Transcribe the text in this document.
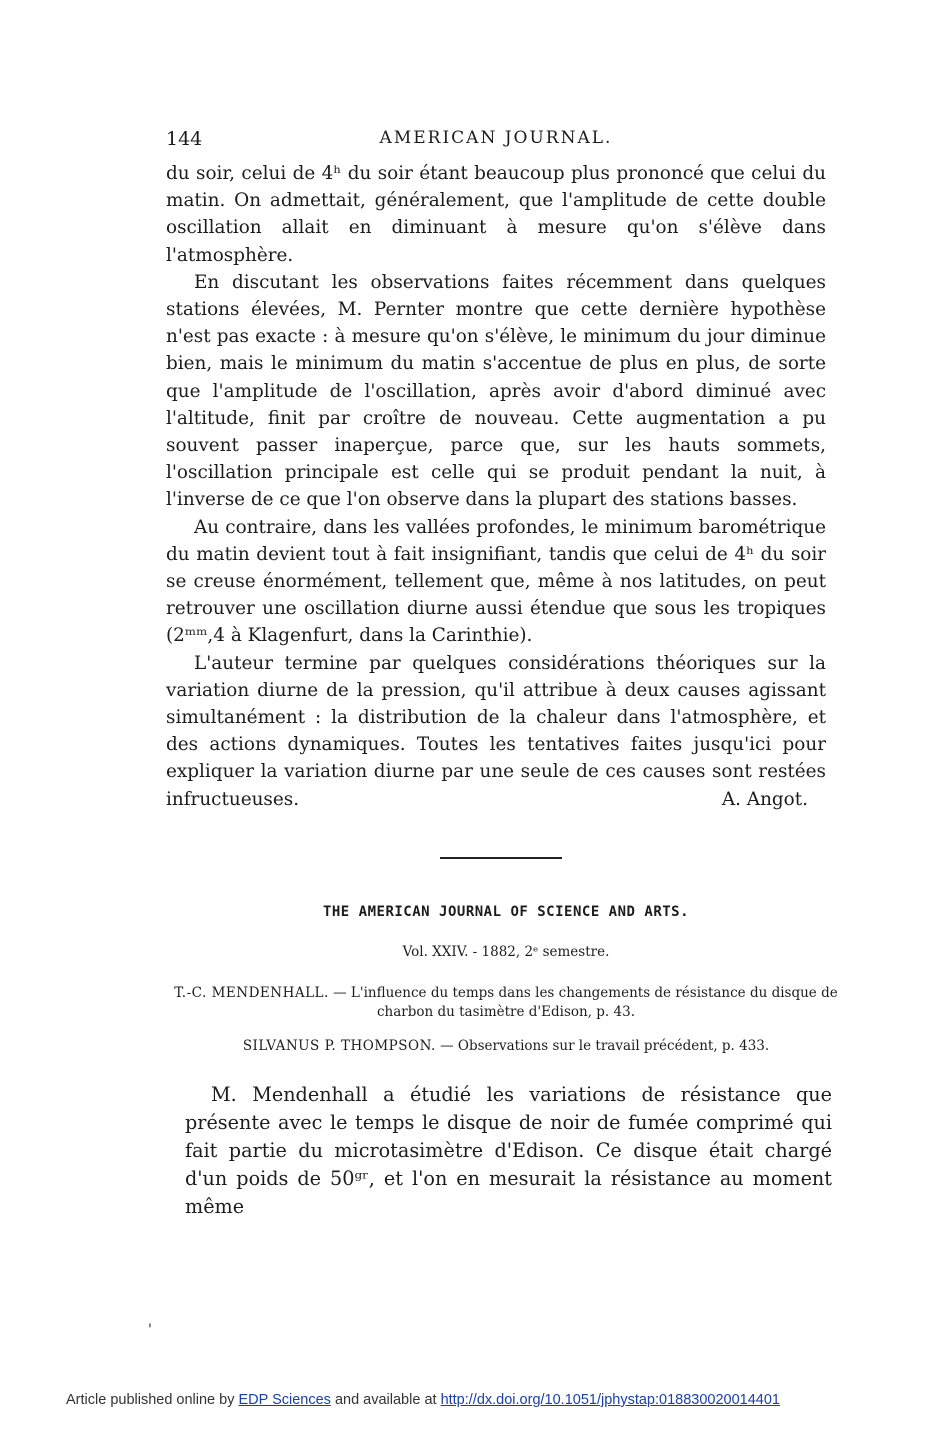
144	AMERICAN JOURNAL.

du soir, celui de 4ʰ du soir étant beaucoup plus prononcé que celui du matin. On admettait, généralement, que l'amplitude de cette double oscillation allait en diminuant à mesure qu'on s'élève dans l'atmosphère.

En discutant les observations faites récemment dans quelques stations élevées, M. Pernter montre que cette dernière hypothèse n'est pas exacte : à mesure qu'on s'élève, le minimum du jour diminue bien, mais le minimum du matin s'accentue de plus en plus, de sorte que l'amplitude de l'oscillation, après avoir d'abord diminué avec l'altitude, finit par croître de nouveau. Cette augmentation a pu souvent passer inaperçue, parce que, sur les hauts sommets, l'oscillation principale est celle qui se produit pendant la nuit, à l'inverse de ce que l'on observe dans la plupart des stations basses.

Au contraire, dans les vallées profondes, le minimum barométrique du matin devient tout à fait insignifiant, tandis que celui de 4ʰ du soir se creuse énormément, tellement que, même à nos latitudes, on peut retrouver une oscillation diurne aussi étendue que sous les tropiques (2ᵐᵐ,4 à Klagenfurt, dans la Carinthie).

L'auteur termine par quelques considérations théoriques sur la variation diurne de la pression, qu'il attribue à deux causes agissant simultanément : la distribution de la chaleur dans l'atmosphère, et des actions dynamiques. Toutes les tentatives faites jusqu'ici pour expliquer la variation diurne par une seule de ces causes sont restées infructueuses.	A. Angot.

THE AMERICAN JOURNAL OF SCIENCE AND ARTS.
Vol. XXIV. - 1882, 2ᵉ semestre.
T.-C. MENDENHALL. — L'influence du temps dans les changements de résistance du disque de charbon du tasimètre d'Edison, p. 43.
SILVANUS P. THOMPSON. — Observations sur le travail précédent, p. 433.

M. Mendenhall a étudié les variations de résistance que présente avec le temps le disque de noir de fumée comprimé qui fait partie du microtasimètre d'Edison. Ce disque était chargé d'un poids de 50ᵍʳ, et l'on en mesurait la résistance au moment même

'
Article published online by EDP Sciences and available at http://dx.doi.org/10.1051/jphystap:018830020014401
